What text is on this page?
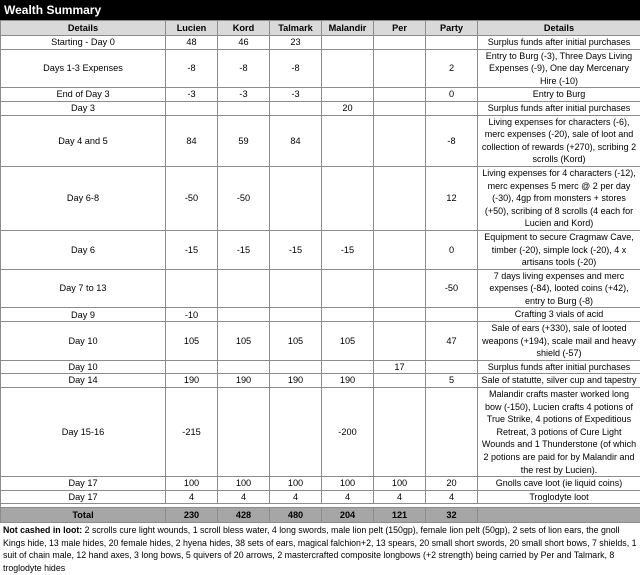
Wealth Summary
Details	Lucien	Kord	Talmark	Malandir	Per	Party	Details
Starting - Day 0	48	46	23				Surplus funds after initial purchases
Days 1-3 Expenses	-8	-8	-8			2	Entry to Burg (-3), Three Days Living Expenses (-9), One day Mercenary Hire (-10)
End of Day 3	-3	-3	-3			0	Entry to Burg
Day 3				20			Surplus funds after initial purchases
Day 4 and 5	84	59	84			-8	Living expenses for characters (-6), merc expenses (-20), sale of loot and collection of rewards (+270), scribing 2 scrolls (Kord)
Day 6-8	-50	-50				12	Living expenses for 4 characters (-12), merc expenses 5 merc @ 2 per day (-30), 4gp from monsters + stores (+50), scribing of 8 scrolls (4 each for Lucien and Kord)
Day 6	-15	-15	-15	-15		0	Equipment to secure Cragmaw Cave, timber (-20), simple lock (-20), 4 x artisans tools (-20)
Day 7 to 13						-50	7 days living expenses and merc expenses (-84), looted coins (+42), entry to Burg (-8)
Day 9	-10						Crafting 3 vials of acid
Day 10	105	105	105	105		47	Sale of ears (+330), sale of looted weapons (+194), scale mail and heavy shield (-57)
Day 10					17		Surplus funds after initial purchases
Day 14	190	190	190	190		5	Sale of statutte, silver cup and tapestry
Day 15-16	-215			-200			Malandir crafts master worked long bow (-150), Lucien crafts 4 potions of True Strike, 4 potions of Expeditious Retreat, 3 potions of Cure Light Wounds and 1 Thunderstone (of which 2 potions are paid for by Malandir and the rest by Lucien).
Day 17	100	100	100	100	100	20	Gnolls cave loot (ie liquid coins)
Day 17	4	4	4	4	4	4	Troglodyte loot

Total	230	428	480	204	121	32	
Not cashed in loot: 2 scrolls cure light wounds, 1 scroll bless water, 4 long swords, male lion pelt (150gp), female lion pelt (50gp), 2 sets of lion ears, the gnoll Kings hide, 13 male hides, 20 female hides, 2 hyena hides, 38 sets of ears, magical falchion+2, 13 spears, 20 small short swords, 20 small short bows, 7 shields, 1 suit of chain male, 12 hand axes, 3 long bows, 5 quivers of 20 arrows, 2 mastercrafted composite longbows (+2 strength) being carried by Per and Talmark, 8 troglodyte hides
